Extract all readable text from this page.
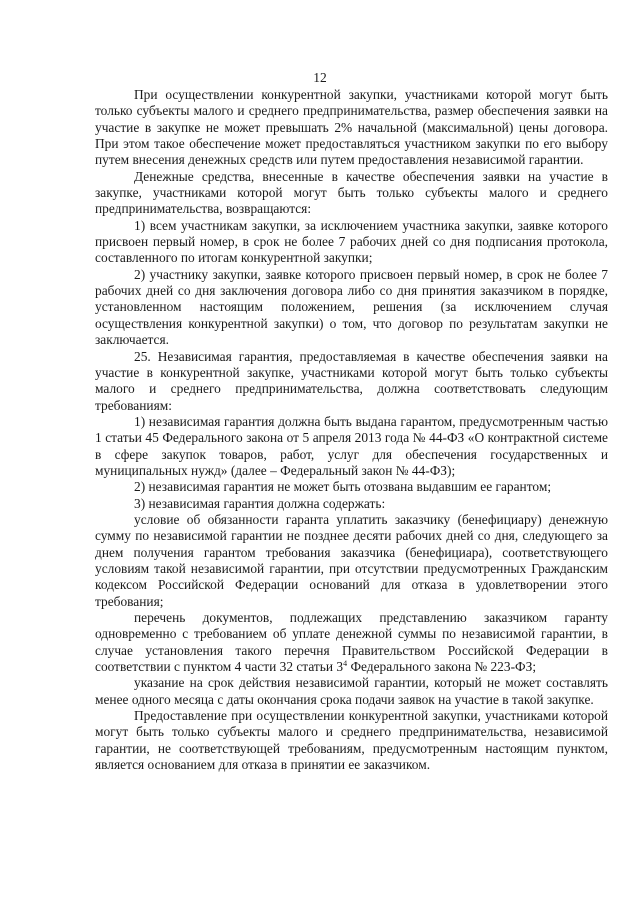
12

При осуществлении конкурентной закупки, участниками которой могут быть только субъекты малого и среднего предпринимательства, размер обеспечения заявки на участие в закупке не может превышать 2% начальной (максимальной) цены договора. При этом такое обеспечение может предоставляться участником закупки по его выбору путем внесения денежных средств или путем предоставления независимой гарантии.

Денежные средства, внесенные в качестве обеспечения заявки на участие в закупке, участниками которой могут быть только субъекты малого и среднего предпринимательства, возвращаются:

1) всем участникам закупки, за исключением участника закупки, заявке которого присвоен первый номер, в срок не более 7 рабочих дней со дня подписания протокола, составленного по итогам конкурентной закупки;

2) участнику закупки, заявке которого присвоен первый номер, в срок не более 7 рабочих дней со дня заключения договора либо со дня принятия заказчиком в порядке, установленном настоящим положением, решения (за исключением случая осуществления конкурентной закупки) о том, что договор по результатам закупки не заключается.

25. Независимая гарантия, предоставляемая в качестве обеспечения заявки на участие в конкурентной закупке, участниками которой могут быть только субъекты малого и среднего предпринимательства, должна соответствовать следующим требованиям:

1) независимая гарантия должна быть выдана гарантом, предусмотренным частью 1 статьи 45 Федерального закона от 5 апреля 2013 года № 44-ФЗ «О контрактной системе в сфере закупок товаров, работ, услуг для обеспечения государственных и муниципальных нужд» (далее – Федеральный закон № 44-ФЗ);

2) независимая гарантия не может быть отозвана выдавшим ее гарантом;

3) независимая гарантия должна содержать:

условие об обязанности гаранта уплатить заказчику (бенефициару) денежную сумму по независимой гарантии не позднее десяти рабочих дней со дня, следующего за днем получения гарантом требования заказчика (бенефициара), соответствующего условиям такой независимой гарантии, при отсутствии предусмотренных Гражданским кодексом Российской Федерации оснований для отказа в удовлетворении этого требования;

перечень документов, подлежащих представлению заказчиком гаранту одновременно с требованием об уплате денежной суммы по независимой гарантии, в случае установления такого перечня Правительством Российской Федерации в соответствии с пунктом 4 части 32 статьи $3^4$ Федерального закона № 223-ФЗ;

указание на срок действия независимой гарантии, который не может составлять менее одного месяца с даты окончания срока подачи заявок на участие в такой закупке.

Предоставление при осуществлении конкурентной закупки, участниками которой могут быть только субъекты малого и среднего предпринимательства, независимой гарантии, не соответствующей требованиям, предусмотренным настоящим пунктом, является основанием для отказа в принятии ее заказчиком.
